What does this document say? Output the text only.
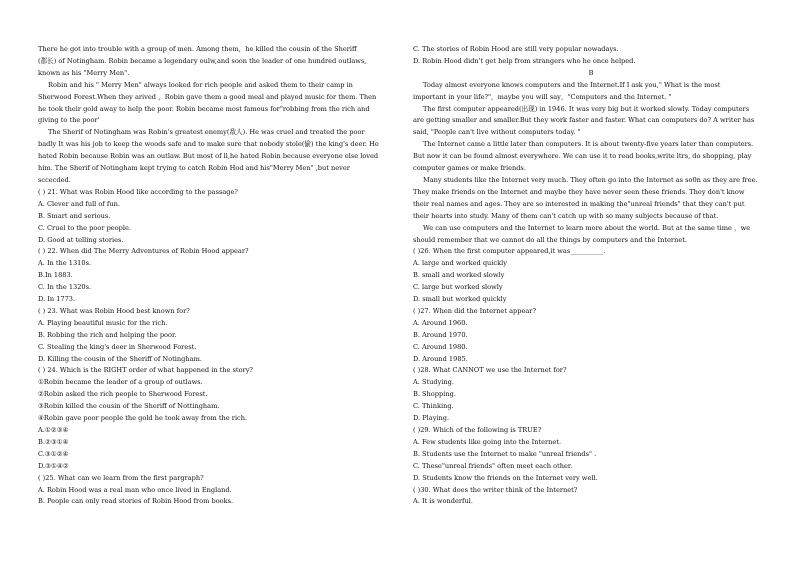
There he got into trouble with a group of men. Among them，he killed the cousin of the Sheriff
(郡长) of Notingham. Robin became a legendary oulw,and soon the leader of one hundred outlaws,
known as his "Merry Men".
Robin and his " Merry Men" always looked for rich people and asked them to their camp in
Sherwood Forest.When they arived ，Robin gave them a good meal and played music for them. Then
he took their gold away to help the poor. Robin became most famous for"robbing from the rich and
giving to the poor'
The Sherif of Notingham was Robin's greatest enemy(敌人). He was cruel and treated the poor
badly It was his job to keep the woods safe and to make sure that nobody stole(偷) the king's deer. He
hated Robin because Robin was an outlaw. But most of ll,he hated Robin because everyone else loved
him. The Sherif of Notingham kept trying to catch Robin Hod and his"Merry Men" ,but never
sccecded.
( ) 21. What was Robin Hood like according to the passage?
A. Clever and full of fun.
B. Smart and serious.
C. Cruel to the poor people.
D. Good at telling stories.
( ) 22. When did The Merry Adventures of Robin Hood appear?
A. In the 1310s.
B.In 1883.
C. In the 1320s.
D. In 1773.
( ) 23. What was Robin Hood best known for?
A. Playing beautiful music for the rich.
B. Robbing the rich and helping the poor.
C. Stealing the king's deer in Sherwood Forest.
D. Killing the cousin of the Sheriff of Notingham.
( ) 24. Which is the RIGHT order of what happened in the story?
①Robin became the leader of a group of outlaws.
②Robin asked the rich people to Sherwood Forest.
③Robin killed the cousin of the Sheriff of Nottingham.
④Robin gave poor people the gold he took away from the rich.
A.①②③④
B.②③①④
C.③①②④
D.③①④②
( )25. What can we learn from the first pargraph?
A. Robin Hood was a real man who once lived in England.
B. People can only read stories of Robin Hood from books.
C. The stories of Robin Hood are still very popular nowadays.
D. Robin Hood didn't get help from strangers who he once helped.
B
Today almost everyone knows computers and the Internet.If I ask you," What is the most
important in your life?"，maybe you will say，"Computers and the Internet. "
The first computer appeared(出现) in 1946. It was very big but it worked slowly. Today computers
are getting smaller and smaller.But they work faster and faster. What can computers do? A writer has
said, "People can't live without computers today. "
The Internet came a little later than computers. It is about twenty-five years later than computers.
But now it can be found almost everywhere. We can use it to read books,write ltrs, do shopping, play
computer games or make friends.
Many students like the Internet very much. They often go into the Internet as so0n as they are free.
They make friends on the Internet and maybe they have never seen these friends. They don't know
their real names and ages. They are so interested in making the"unreal friends" that they can't put
their hearts into study. Many of them can't catch up with so many subjects because of that.
We can use computers and the Internet to learn more about the world. But at the same time ，we
should remember that we cannot do all the things by computers and the Internet.
( )26. When the first computer appeared,it was__________.
A. large and worked quickly
B. small and worked slowly
C. large but worked slowly
D. small but worked quickly
( )27. When did the Internet appear?
A. Around 1960.
B. Around 1970.
C. Around 1980.
D. Around 1985.
( )28. What CANNOT we use the Internet for?
A. Studying.
B. Shopping.
C. Thinking.
D. Playing.
( )29. Which of the following is TRUE?
A. Few students like going into the Internet.
B. Students use the Internet to make "unreal friends" .
C. These"unreal friends" often meet each other.
D. Students know the friends on the Internet very well.
( )30. What does the writer think of the Internet?
A. It is wonderful.
